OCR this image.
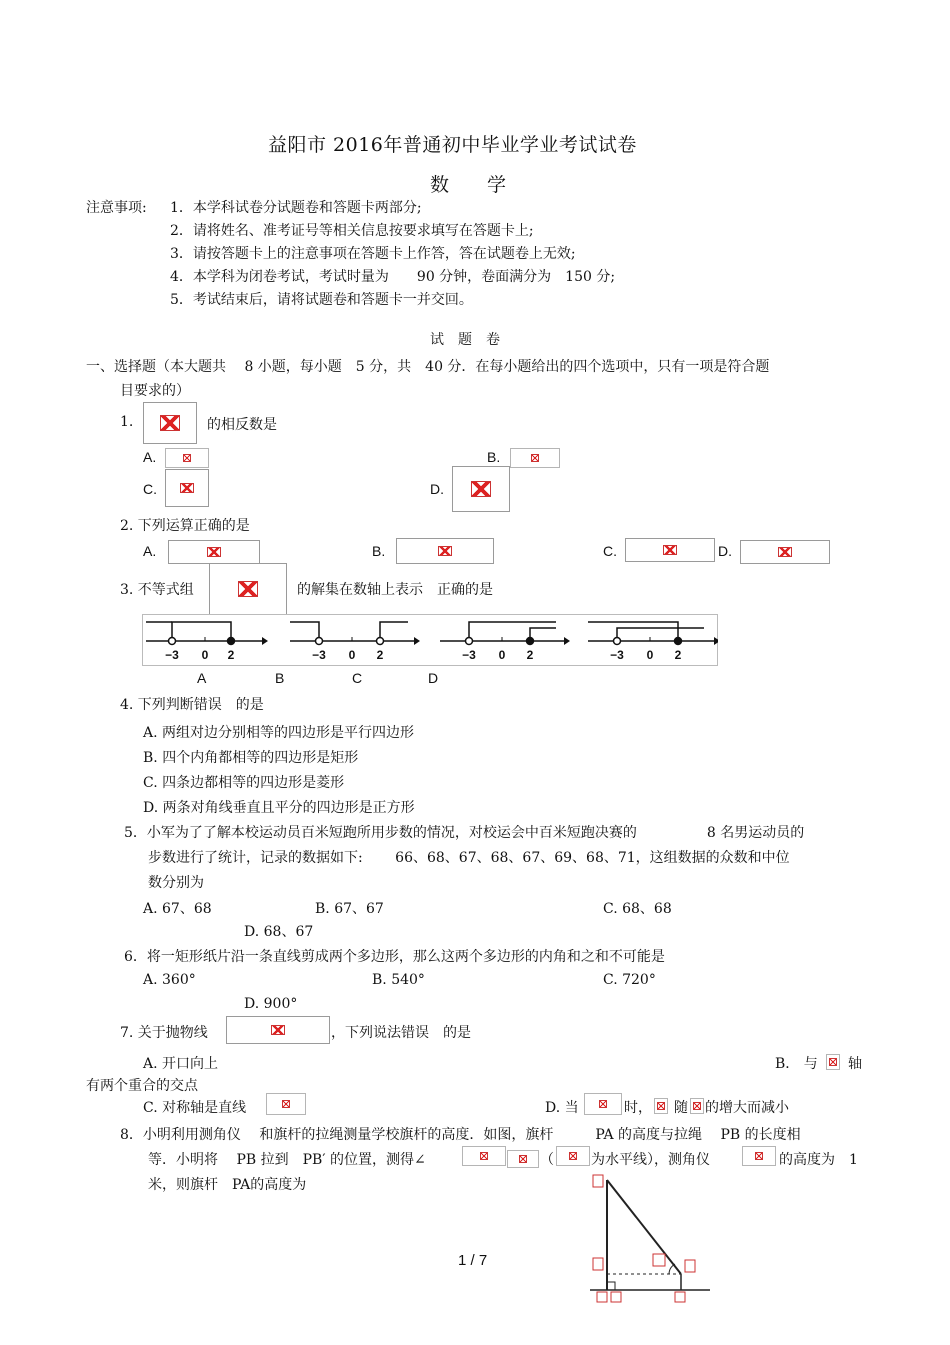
益阳市 2016年普通初中毕业学业考试试卷
数　　学
注意事项: 1．本学科试卷分试题卷和答题卡两部分;
2．请将姓名、准考证号等相关信息按要求填写在答题卡上;
3．请按答题卡上的注意事项在答题卡上作答，答在试题卷上无效;
4．本学科为闭卷考试，考试时量为　　90 分钟，卷面满分为　150 分;
5．考试结束后，请将试题卷和答题卡一并交回。
试　题　卷
一、选择题（本大题共　 8 小题，每小题　5 分，共　40 分．在每小题给出的四个选项中，只有一项是符合题
目要求的）
1.	的相反数是
A.	B.
C.	D.
2. 下列运算正确的是
A.	B.	C.	D.
3. 不等式组	的解集在数轴上表示　正确的是
−3 0 2	−3 0 2	−3 0 2	−3 0 2
A	B	C	D
4. 下列判断错误　的是
A. 两组对边分别相等的四边形是平行四边形
B. 四个内角都相等的四边形是矩形
C. 四条边都相等的四边形是菱形
D. 两条对角线垂直且平分的四边形是正方形
5．小军为了了解本校运动员百米短跑所用步数的情况，对校运会中百米短跑决赛的　　　　　8 名男运动员的
步数进行了统计，记录的数据如下:　　 66、68、67、68、67、69、68、71，这组数据的众数和中位
数分别为
A. 67、68	B. 67、67	C. 68、68
D. 68、67
6．将一矩形纸片沿一条直线剪成两个多边形，那么这两个多边形的内角和之和不可能是
A. 360°	B. 540°	C. 720°
D. 900°
7. 关于抛物线	，下列说法错误　的是
A. 开口向上	B． 与 轴
有两个重合的交点
C. 对称轴是直线	D. 当	时， 随 的增大而减小
8．小明利用测角仪　 和旗杆的拉绳测量学校旗杆的高度．如图，旗杆　　　PA 的高度与拉绳　 PB 的长度相
等．小明将　 PB 拉到　PB′ 的位置，测得∠	（	为水平线），测角仪	的高度为　1
米，则旗杆　PA的高度为
1 / 7
